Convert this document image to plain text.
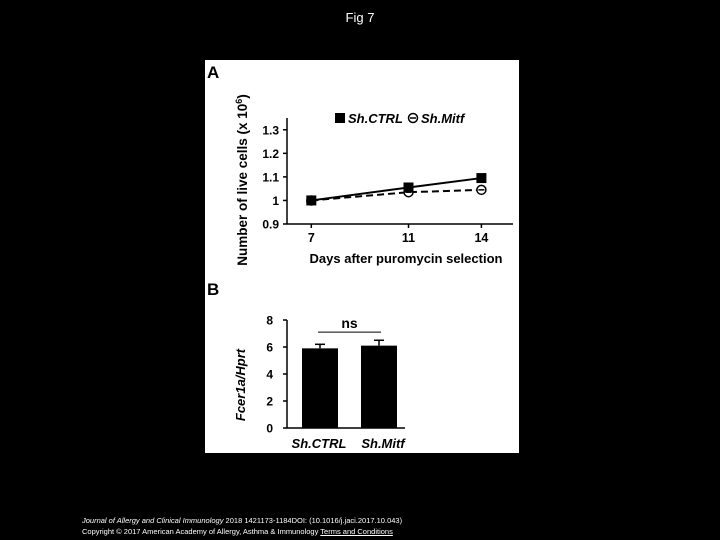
Fig 7
A
Number of live cells (x $10^6$)
0.9
1
1.1
1.2
1.3
7	11	14
Sh.CTRL Sh.Mitf
Days after puromycin selection
B
Fcer1a/Hprt
0
2
4
6
8
Sh.CTRL Sh.Mitf
ns
Journal of Allergy and Clinical Immunology 2018 1421173-1184DOI: (10.1016/j.jaci.2017.10.043)
Copyright © 2017 American Academy of Allergy, Asthma & Immunology Terms and Conditions
